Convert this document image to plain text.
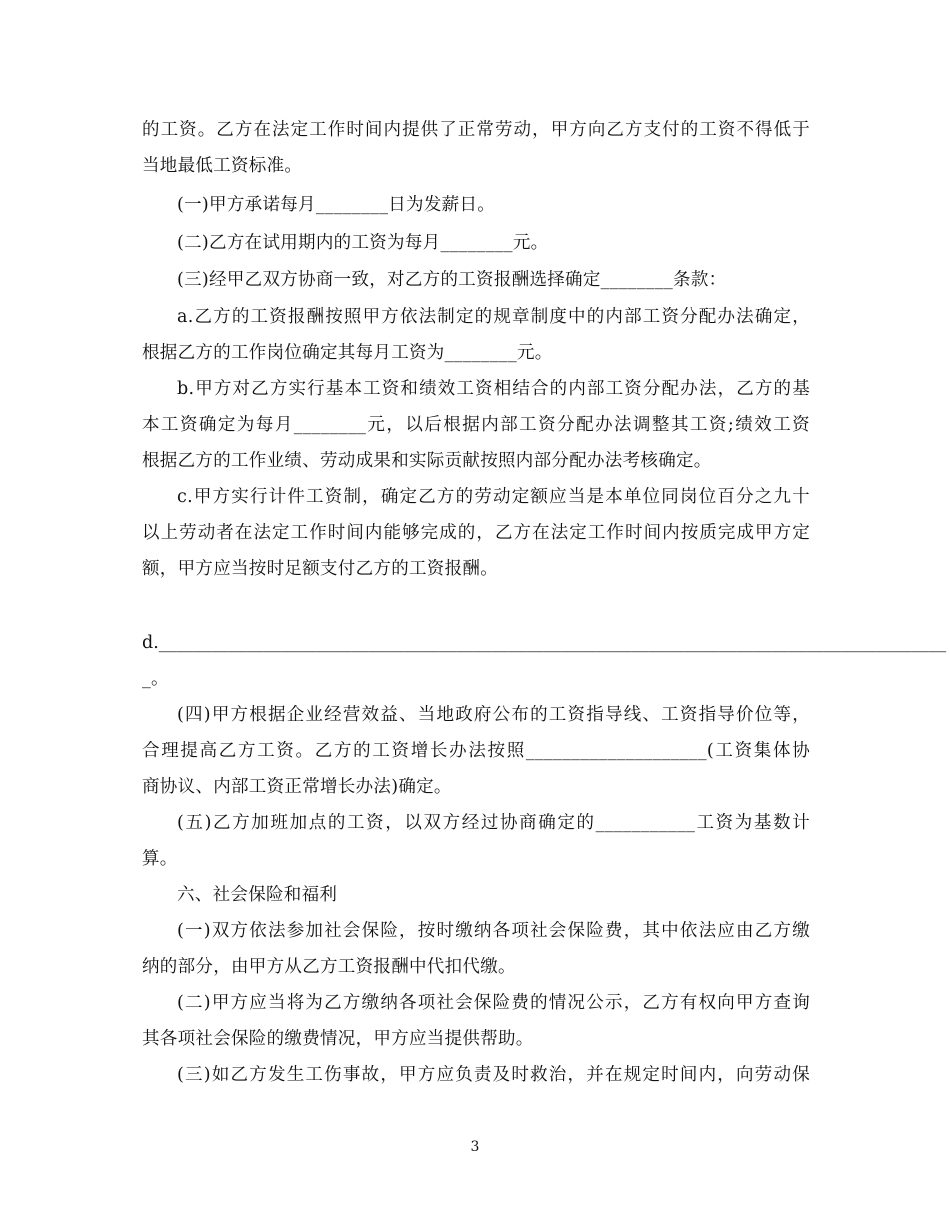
的工资。乙方在法定工作时间内提供了正常劳动，甲方向乙方支付的工资不得低于
当地最低工资标准。
(一)甲方承诺每月________日为发薪日。
(二)乙方在试用期内的工资为每月________元。
(三)经甲乙双方协商一致，对乙方的工资报酬选择确定________条款：
a.乙方的工资报酬按照甲方依法制定的规章制度中的内部工资分配办法确定，
根据乙方的工作岗位确定其每月工资为________元。
b.甲方对乙方实行基本工资和绩效工资相结合的内部工资分配办法，乙方的基
本工资确定为每月________元，以后根据内部工资分配办法调整其工资;绩效工资
根据乙方的工作业绩、劳动成果和实际贡献按照内部分配办法考核确定。
c.甲方实行计件工资制，确定乙方的劳动定额应当是本单位同岗位百分之九十
以上劳动者在法定工作时间内能够完成的，乙方在法定工作时间内按质完成甲方定
额，甲方应当按时足额支付乙方的工资报酬。
d.__________________________________________________________________________________________
_。
(四)甲方根据企业经营效益、当地政府公布的工资指导线、工资指导价位等，
合理提高乙方工资。乙方的工资增长办法按照____________________(工资集体协
商协议、内部工资正常增长办法)确定。
(五)乙方加班加点的工资，以双方经过协商确定的___________工资为基数计
算。
六、社会保险和福利
(一)双方依法参加社会保险，按时缴纳各项社会保险费，其中依法应由乙方缴
纳的部分，由甲方从乙方工资报酬中代扣代缴。
(二)甲方应当将为乙方缴纳各项社会保险费的情况公示，乙方有权向甲方查询
其各项社会保险的缴费情况，甲方应当提供帮助。
(三)如乙方发生工伤事故，甲方应负责及时救治，并在规定时间内，向劳动保
3
